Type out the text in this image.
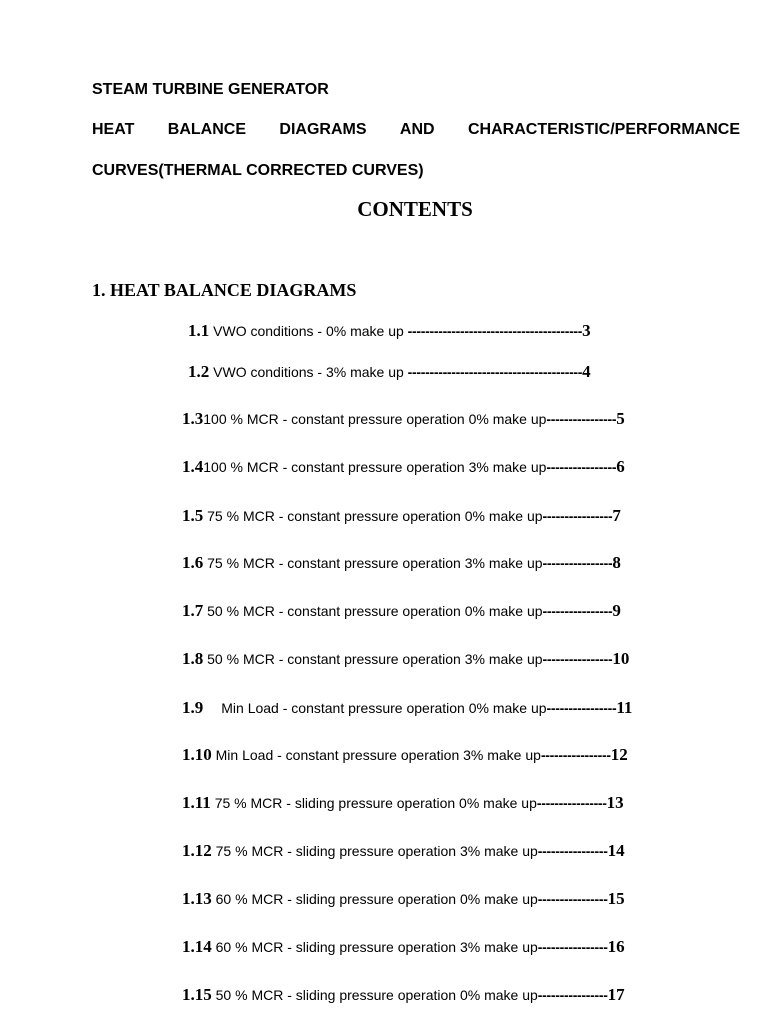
STEAM TURBINE GENERATOR
HEAT BALANCE DIAGRAMS AND CHARACTERISTIC/PERFORMANCE
CURVES(THERMAL CORRECTED CURVES)
CONTENTS
1. HEAT BALANCE DIAGRAMS
1.1 VWO conditions - 0% make up ---------------------------------------- 3
1.2 VWO conditions - 3% make up ---------------------------------------- 4
1.3 100 % MCR - constant pressure operation 0% make up ---------------- 5
1.4 100 % MCR - constant pressure operation 3% make up ---------------- 6
1.5 75 % MCR - constant pressure operation 0% make up ---------------- 7
1.6 75 % MCR - constant pressure operation 3% make up ---------------- 8
1.7 50 % MCR - constant pressure operation 0% make up ---------------- 9
1.8 50 % MCR - constant pressure operation 3% make up ---------------- 10
1.9 Min Load - constant pressure operation 0% make up ---------------- 11
1.10 Min Load - constant pressure operation 3% make up ---------------- 12
1.11 75 % MCR - sliding pressure operation 0% make up ---------------- 13
1.12 75 % MCR - sliding pressure operation 3% make up ---------------- 14
1.13 60 % MCR - sliding pressure operation 0% make up ---------------- 15
1.14 60 % MCR - sliding pressure operation 3% make up ---------------- 16
1.15 50 % MCR - sliding pressure operation 0% make up ---------------- 17
